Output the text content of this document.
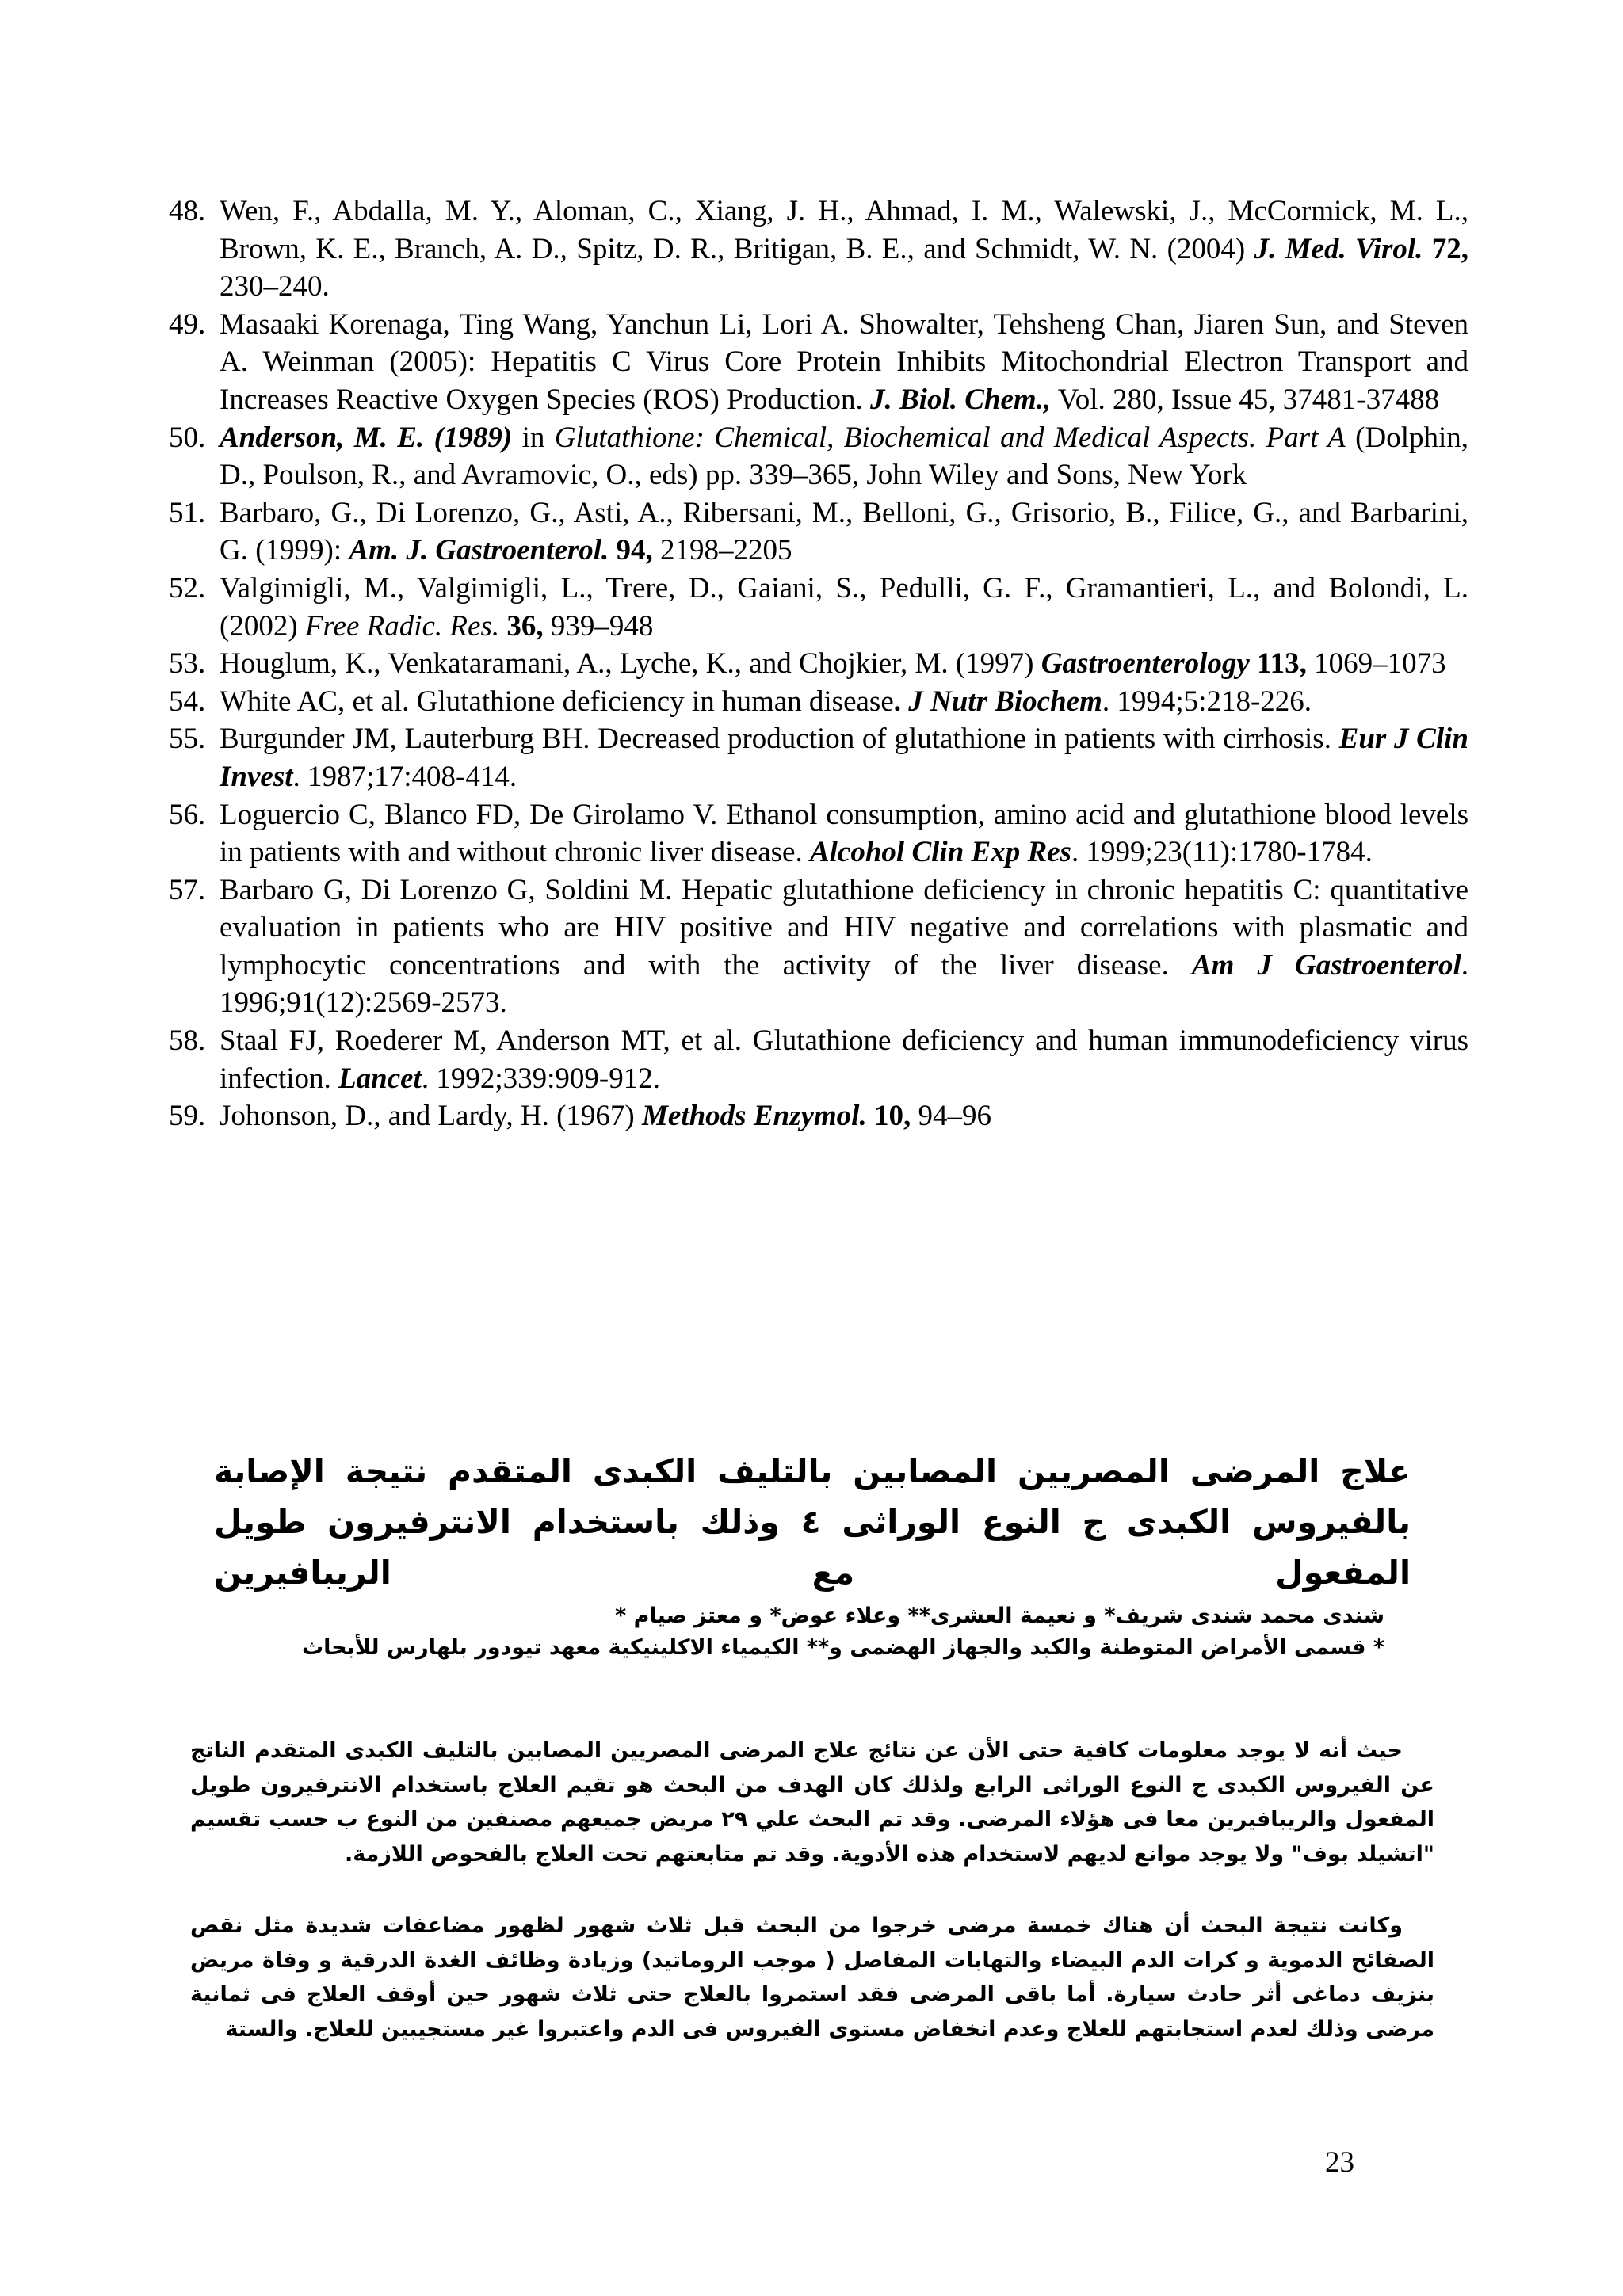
48. Wen, F., Abdalla, M. Y., Aloman, C., Xiang, J. H., Ahmad, I. M., Walewski, J., McCormick, M. L., Brown, K. E., Branch, A. D., Spitz, D. R., Britigan, B. E., and Schmidt, W. N. (2004) J. Med. Virol. 72, 230–240.
49. Masaaki Korenaga, Ting Wang, Yanchun Li, Lori A. Showalter, Tehsheng Chan, Jiaren Sun, and Steven A. Weinman (2005): Hepatitis C Virus Core Protein Inhibits Mitochondrial Electron Transport and Increases Reactive Oxygen Species (ROS) Production. J. Biol. Chem., Vol. 280, Issue 45, 37481-37488
50. Anderson, M. E. (1989) in Glutathione: Chemical, Biochemical and Medical Aspects. Part A (Dolphin, D., Poulson, R., and Avramovic, O., eds) pp. 339–365, John Wiley and Sons, New York
51. Barbaro, G., Di Lorenzo, G., Asti, A., Ribersani, M., Belloni, G., Grisorio, B., Filice, G., and Barbarini, G. (1999): Am. J. Gastroenterol. 94, 2198–2205
52. Valgimigli, M., Valgimigli, L., Trere, D., Gaiani, S., Pedulli, G. F., Gramantieri, L., and Bolondi, L. (2002) Free Radic. Res. 36, 939–948
53. Houglum, K., Venkataramani, A., Lyche, K., and Chojkier, M. (1997) Gastroenterology 113, 1069–1073
54. White AC, et al. Glutathione deficiency in human disease. J Nutr Biochem. 1994;5:218-226.
55. Burgunder JM, Lauterburg BH. Decreased production of glutathione in patients with cirrhosis. Eur J Clin Invest. 1987;17:408-414.
56. Loguercio C, Blanco FD, De Girolamo V. Ethanol consumption, amino acid and glutathione blood levels in patients with and without chronic liver disease. Alcohol Clin Exp Res. 1999;23(11):1780-1784.
57. Barbaro G, Di Lorenzo G, Soldini M. Hepatic glutathione deficiency in chronic hepatitis C: quantitative evaluation in patients who are HIV positive and HIV negative and correlations with plasmatic and lymphocytic concentrations and with the activity of the liver disease. Am J Gastroenterol. 1996;91(12):2569-2573.
58. Staal FJ, Roederer M, Anderson MT, et al. Glutathione deficiency and human immunodeficiency virus infection. Lancet. 1992;339:909-912.
59. Johonson, D., and Lardy, H. (1967) Methods Enzymol. 10, 94–96
علاج المرضى المصريين المصابين بالتليف الكبدى المتقدم نتيجة الإصابة بالفيروس الكبدى ج النوع الوراثى ٤ وذلك باستخدام الانترفيرون طويل المفعول مع الريبافيرين
شندى محمد شندى شريف* و نعيمة العشرى** وعلاء عوض* و معتز صيام *
* قسمى الأمراض المتوطنة والكبد والجهاز الهضمى و** الكيمياء الاكلينيكية معهد تيودور بلهارس للأبحاث

حيث أنه لا يوجد معلومات كافية حتى الأن عن نتائج علاج المرضى المصريين المصابين بالتليف الكبدى المتقدم الناتج عن الفيروس الكبدى ج النوع الوراثى الرابع ولذلك كان الهدف من البحث هو تقيم العلاج باستخدام الانترفيرون طويل المفعول والريبافيرين معا فى هؤلاء المرضى. وقد تم البحث علي ٢٩ مريض جميعهم مصنفين من النوع ب حسب تقسيم "اتشيلد بوف" ولا يوجد موانع لديهم لاستخدام هذه الأدوية. وقد تم متابعتهم تحت العلاج بالفحوص اللازمة.

وكانت نتيجة البحث أن هناك خمسة مرضى خرجوا من البحث قبل ثلاث شهور لظهور مضاعفات شديدة مثل نقص الصفائح الدموية و كرات الدم البيضاء والتهابات المفاصل ( موجب الروماتيد) وزيادة وظائف الغدة الدرقية و وفاة مريض بنزيف دماغى أثر حادث سيارة. أما باقى المرضى فقد استمروا بالعلاج حتى ثلاث شهور حين أوقف العلاج فى ثمانية مرضى وذلك لعدم استجابتهم للعلاج وعدم انخفاض مستوى الفيروس فى الدم واعتبروا غير مستجيبين للعلاج. والستة

23
